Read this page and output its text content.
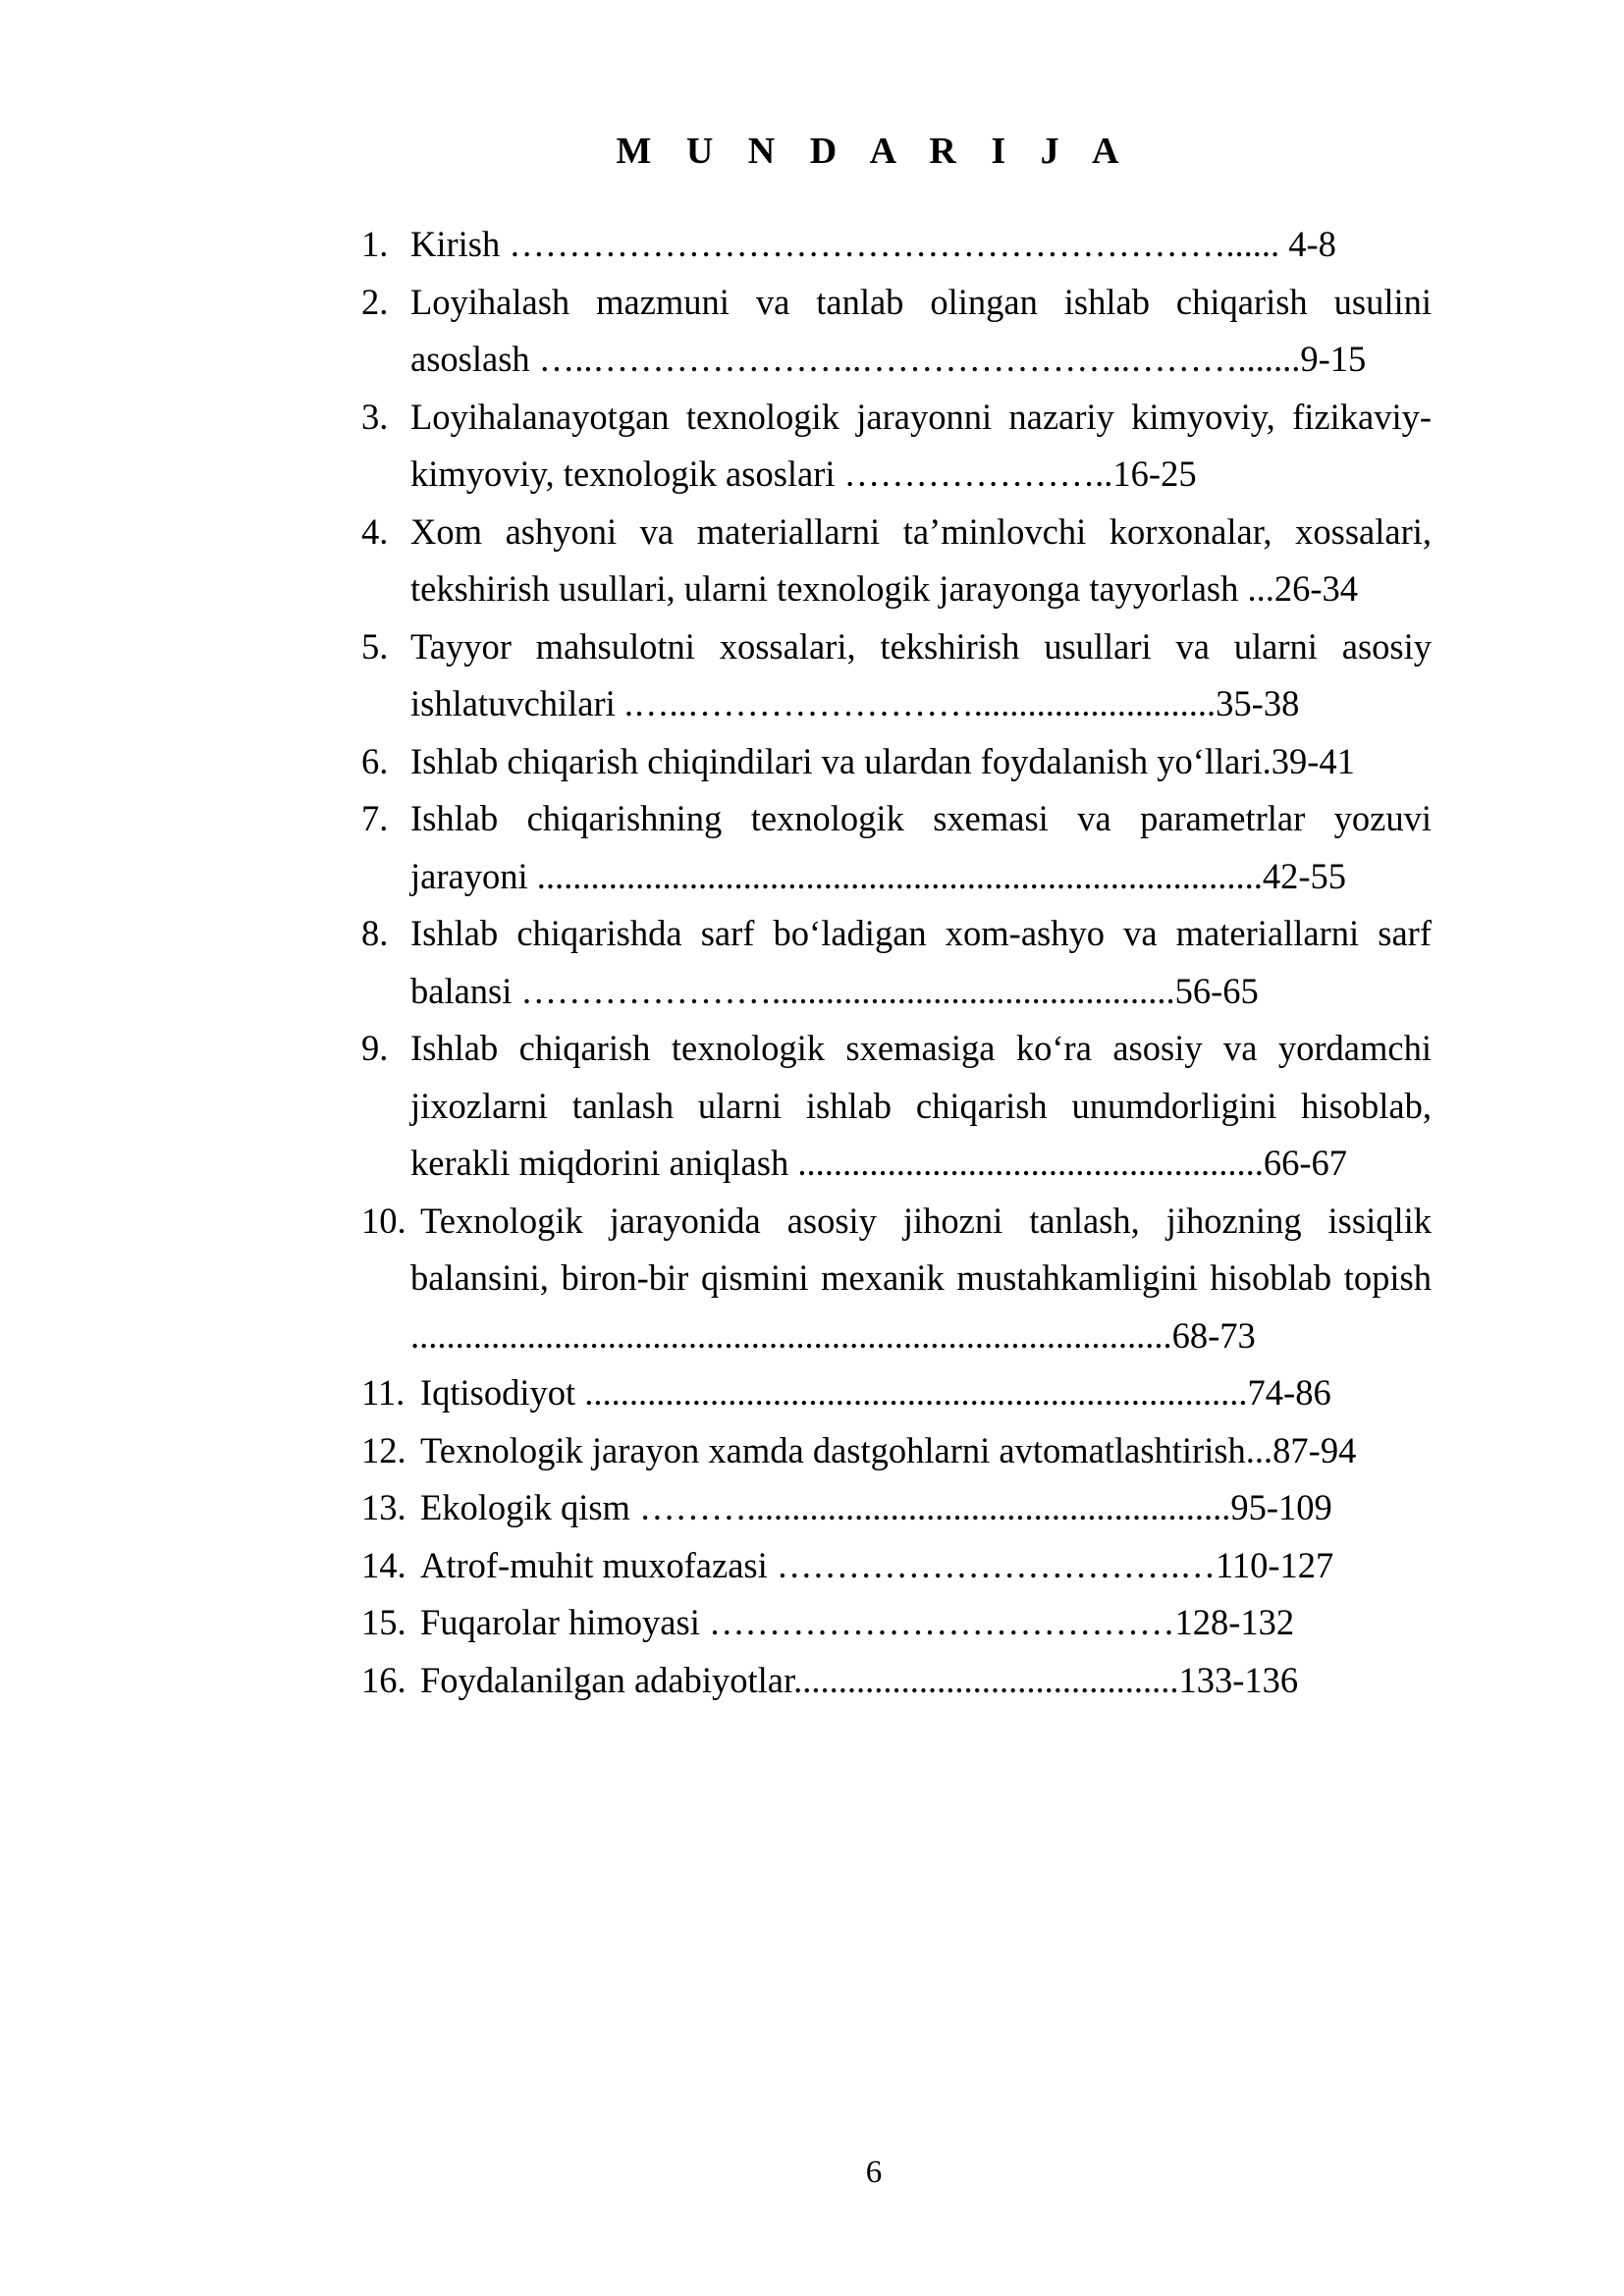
M U N D A R I J A
1. Kirish ……………………………………………………...... 4-8
2. Loyihalash mazmuni va tanlab olingan ishlab chiqarish usulini asoslash …..…………………..…………………..……….......9-15
3. Loyihalanayotgan texnologik jarayonni nazariy kimyoviy, fizikaviy-kimyoviy, texnologik asoslari …………………..16-25
4. Xom ashyoni va materiallarni ta’minlovchi korxonalar, xossalari, tekshirish usullari, ularni texnologik jarayonga tayyorlash ...26-34
5. Tayyor mahsulotni xossalari, tekshirish usullari va ularni asosiy ishlatuvchilari .…..……………………...........................35-38
6. Ishlab chiqarish chiqindilari va ulardan foydalanish yo‘llari.39-41
7. Ishlab chiqarishning texnologik sxemasi va parametrlar yozuvi jarayoni .................................................................................42-55
8. Ishlab chiqarishda sarf bo‘ladigan xom-ashyo va materiallarni sarf balansi ………………….............................................56-65
9. Ishlab chiqarish texnologik sxemasiga ko‘ra asosiy va yordamchi jixozlarni tanlash ularni ishlab chiqarish unumdorligini hisoblab, kerakli miqdorini aniqlash ....................................................66-67
10. Texnologik jarayonida asosiy jihozni tanlash, jihozning issiqlik balansini, biron-bir qismini mexanik mustahkamligini hisoblab topish .....................................................................................68-73
11. Iqtisodiyot ..........................................................................74-86
12. Texnologik jarayon xamda dastgohlarni avtomatlashtirish...87-94
13. Ekologik qism ………......................................................95-109
14. Atrof-muhit muxofazasi …………………………….…110-127
15. Fuqarolar himoyasi …………………………………128-132
16. Foydalanilgan adabiyotlar...........................................133-136
6
